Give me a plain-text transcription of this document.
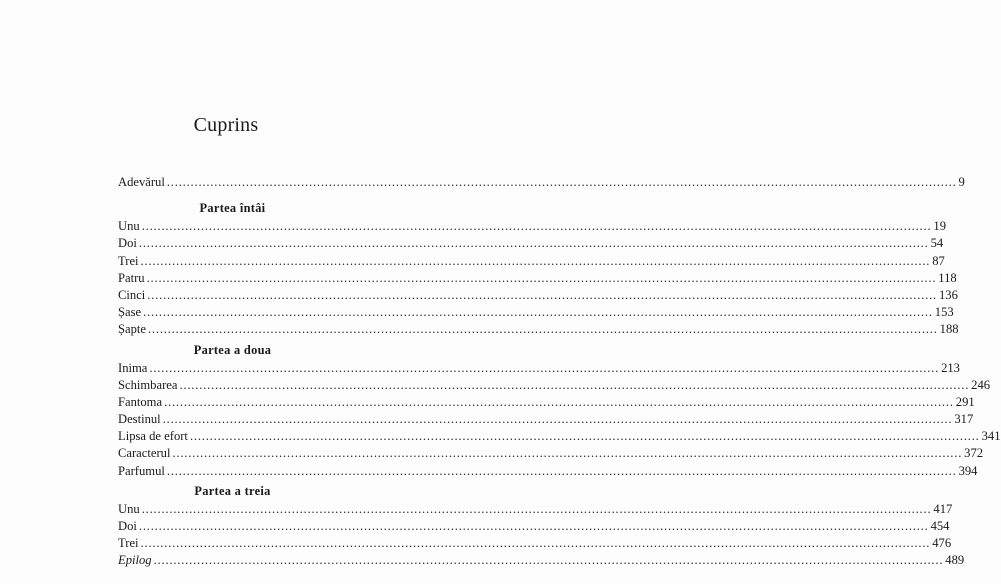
Cuprins
Adevărul ........................................................................................................................................................................................................ 9
Partea întâi
Unu ........................................................................................................................................................................................................ 19
Doi ........................................................................................................................................................................................................ 54
Trei ........................................................................................................................................................................................................ 87
Patru ........................................................................................................................................................................................................ 118
Cinci ........................................................................................................................................................................................................ 136
Șase ........................................................................................................................................................................................................ 153
Șapte ........................................................................................................................................................................................................ 188
Partea a doua
Inima ........................................................................................................................................................................................................ 213
Schimbarea ........................................................................................................................................................................................................ 246
Fantoma ........................................................................................................................................................................................................ 291
Destinul ........................................................................................................................................................................................................ 317
Lipsa de efort ........................................................................................................................................................................................................ 341
Caracterul ........................................................................................................................................................................................................ 372
Parfumul ........................................................................................................................................................................................................ 394
Partea a treia
Unu ........................................................................................................................................................................................................ 417
Doi ........................................................................................................................................................................................................ 454
Trei ........................................................................................................................................................................................................ 476
Epilog ........................................................................................................................................................................................................ 489
